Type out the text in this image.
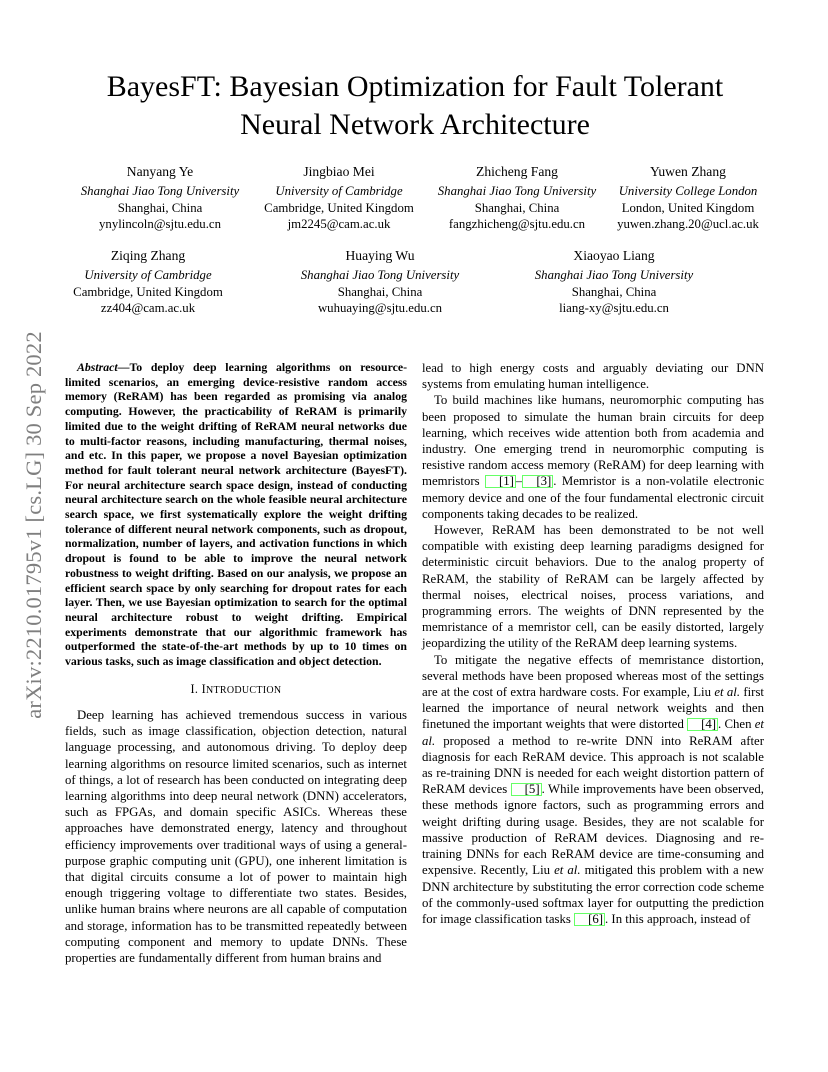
arXiv:2210.01795v1 [cs.LG] 30 Sep 2022
BayesFT: Bayesian Optimization for Fault Tolerant
Neural Network Architecture
Nanyang Ye
Shanghai Jiao Tong University
Shanghai, China
ynylincoln@sjtu.edu.cn
Jingbiao Mei
University of Cambridge
Cambridge, United Kingdom
jm2245@cam.ac.uk
Zhicheng Fang
Shanghai Jiao Tong University
Shanghai, China
fangzhicheng@sjtu.edu.cn
Yuwen Zhang
University College London
London, United Kingdom
yuwen.zhang.20@ucl.ac.uk
Ziqing Zhang
University of Cambridge
Cambridge, United Kingdom
zz404@cam.ac.uk
Huaying Wu
Shanghai Jiao Tong University
Shanghai, China
wuhuaying@sjtu.edu.cn
Xiaoyao Liang
Shanghai Jiao Tong University
Shanghai, China
liang-xy@sjtu.edu.cn

Abstract—To deploy deep learning algorithms on resource-limited scenarios, an emerging device-resistive random access memory (ReRAM) has been regarded as promising via analog computing. However, the practicability of ReRAM is primarily limited due to the weight drifting of ReRAM neural networks due to multi-factor reasons, including manufacturing, thermal noises, and etc. In this paper, we propose a novel Bayesian optimization method for fault tolerant neural network architecture (BayesFT). For neural architecture search space design, instead of conducting neural architecture search on the whole feasible neural architecture search space, we first systematically explore the weight drifting tolerance of different neural network components, such as dropout, normalization, number of layers, and activation functions in which dropout is found to be able to improve the neural network robustness to weight drifting. Based on our analysis, we propose an efficient search space by only searching for dropout rates for each layer. Then, we use Bayesian optimization to search for the optimal neural architecture robust to weight drifting. Empirical experiments demonstrate that our algorithmic framework has outperformed the state-of-the-art methods by up to 10 times on various tasks, such as image classification and object detection.

I. INTRODUCTION

Deep learning has achieved tremendous success in various fields, such as image classification, objection detection, natural language processing, and autonomous driving. To deploy deep learning algorithms on resource limited scenarios, such as internet of things, a lot of research has been conducted on integrating deep learning algorithms into deep neural network (DNN) accelerators, such as FPGAs, and domain specific ASICs. Whereas these approaches have demonstrated energy, latency and throughout efficiency improvements over traditional ways of using a general-purpose graphic computing unit (GPU), one inherent limitation is that digital circuits consume a lot of power to maintain high enough triggering voltage to differentiate two states. Besides, unlike human brains where neurons are all capable of computation and storage, information has to be transmitted repeatedly between computing component and memory to update DNNs. These properties are fundamentally different from human brains and

lead to high energy costs and arguably deviating our DNN systems from emulating human intelligence.

To build machines like humans, neuromorphic computing has been proposed to simulate the human brain circuits for deep learning, which receives wide attention both from academia and industry. One emerging trend in neuromorphic computing is resistive random access memory (ReRAM) for deep learning with memristors [1] – [3] . Memristor is a non-volatile electronic memory device and one of the four fundamental electronic circuit components taking decades to be realized.

However, ReRAM has been demonstrated to be not well compatible with existing deep learning paradigms designed for deterministic circuit behaviors. Due to the analog property of ReRAM, the stability of ReRAM can be largely affected by thermal noises, electrical noises, process variations, and programming errors. The weights of DNN represented by the memristance of a memristor cell, can be easily distorted, largely jeopardizing the utility of the ReRAM deep learning systems.

To mitigate the negative effects of memristance distortion, several methods have been proposed whereas most of the settings are at the cost of extra hardware costs. For example, Liu et al. first learned the importance of neural network weights and then finetuned the important weights that were distorted [4] . Chen et al. proposed a method to re-write DNN into ReRAM after diagnosis for each ReRAM device. This approach is not scalable as re-training DNN is needed for each weight distortion pattern of ReRAM devices [5] . While improvements have been observed, these methods ignore factors, such as programming errors and weight drifting during usage. Besides, they are not scalable for massive production of ReRAM devices. Diagnosing and re-training DNNs for each ReRAM device are time-consuming and expensive. Recently, Liu et al. mitigated this problem with a new DNN architecture by substituting the error correction code scheme of the commonly-used softmax layer for outputting the prediction for image classification tasks [6] . In this approach, instead of
